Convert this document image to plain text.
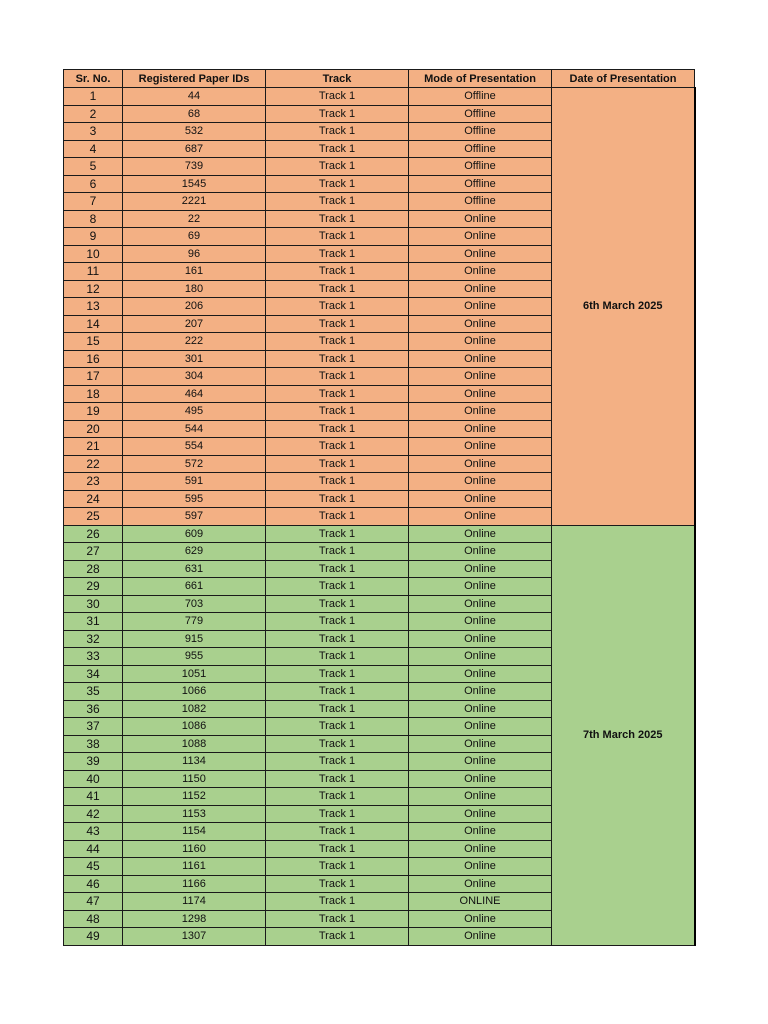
Sr. No.	Registered Paper IDs	Track	Mode of Presentation	Date of Presentation
1	44	Track 1	Offline	6th March 2025
2	68	Track 1	Offline	
3	532	Track 1	Offline	
4	687	Track 1	Offline	
5	739	Track 1	Offline	
6	1545	Track 1	Offline	
7	2221	Track 1	Offline	
8	22	Track 1	Online	
9	69	Track 1	Online	
10	96	Track 1	Online	
11	161	Track 1	Online	
12	180	Track 1	Online	
13	206	Track 1	Online	
14	207	Track 1	Online	
15	222	Track 1	Online	
16	301	Track 1	Online	
17	304	Track 1	Online	
18	464	Track 1	Online	
19	495	Track 1	Online	
20	544	Track 1	Online	
21	554	Track 1	Online	
22	572	Track 1	Online	
23	591	Track 1	Online	
24	595	Track 1	Online	
25	597	Track 1	Online	
26	609	Track 1	Online	7th March 2025
27	629	Track 1	Online	
28	631	Track 1	Online	
29	661	Track 1	Online	
30	703	Track 1	Online	
31	779	Track 1	Online	
32	915	Track 1	Online	
33	955	Track 1	Online	
34	1051	Track 1	Online	
35	1066	Track 1	Online	
36	1082	Track 1	Online	
37	1086	Track 1	Online	
38	1088	Track 1	Online	
39	1134	Track 1	Online	
40	1150	Track 1	Online	
41	1152	Track 1	Online	
42	1153	Track 1	Online	
43	1154	Track 1	Online	
44	1160	Track 1	Online	
45	1161	Track 1	Online	
46	1166	Track 1	Online	
47	1174	Track 1	ONLINE	
48	1298	Track 1	Online	
49	1307	Track 1	Online	
